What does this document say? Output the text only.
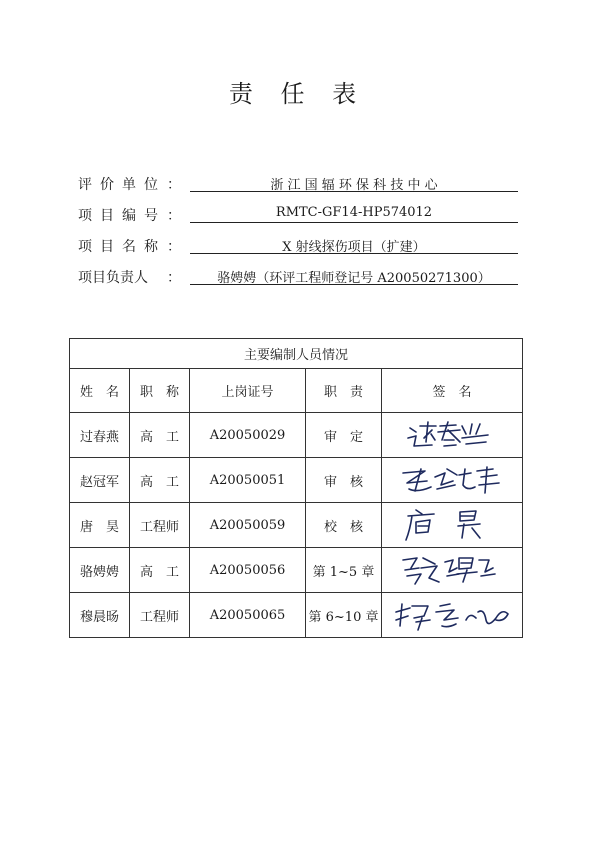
责 任 表
评价单位 ：	浙 江 国 辐 环 保 科 技 中 心
项目编号 ：	RMTC-GF14-HP574012
项目名称 ：	X 射线探伤项目（扩建）
项目负责人 ：	骆娉娉（环评工程师登记号 A20050271300）
主要编制人员情况				
姓　名	职　称	上岗证号	职　责	签　名
过春燕	高　工	A20050029	审　定	

赵冠军	高　工	A20050051	审　核	

唐　昊	工程师	A20050059	校　核	

骆娉娉	高　工	A20050056	第 1~5 章	

穆晨旸	工程师	A20050065	第 6~10 章	
